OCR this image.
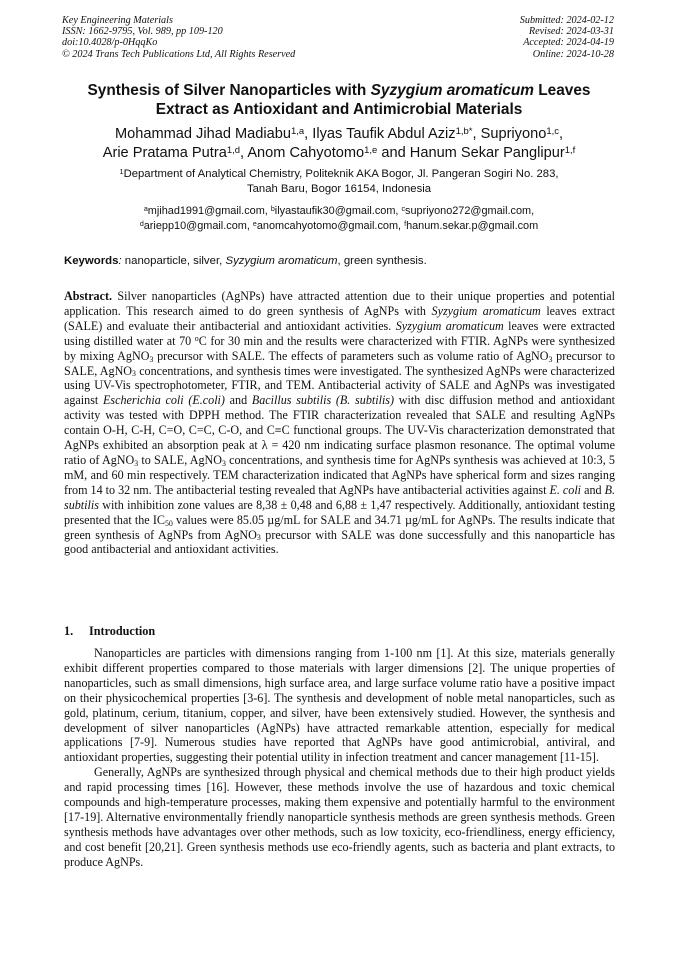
Key Engineering Materials
ISSN: 1662-9795, Vol. 989, pp 109-120
doi:10.4028/p-0HqqKo
© 2024 Trans Tech Publications Ltd, All Rights Reserved
Submitted: 2024-02-12
Revised: 2024-03-31
Accepted: 2024-04-19
Online: 2024-10-28
Synthesis of Silver Nanoparticles with Syzygium aromaticum Leaves
Extract as Antioxidant and Antimicrobial Materials
Mohammad Jihad Madiabu$^{1,a}$, Ilyas Taufik Abdul Aziz$^{1,b*}$, Supriyono$^{1,c}$,
Arie Pratama Putra$^{1,d}$, Anom Cahyotomo$^{1,e}$ and Hanum Sekar Panglipur$^{1,f}$
$^1$Department of Analytical Chemistry, Politeknik AKA Bogor, Jl. Pangeran Sogiri No. 283,
Tanah Baru, Bogor 16154, Indonesia
$^a$mjihad1991@gmail.com, $^b$ilyastaufik30@gmail.com, $^c$supriyono272@gmail.com,
$^d$ariepp10@gmail.com, $^e$anomcahyotomo@gmail.com, $^f$hanum.sekar.p@gmail.com
Keywords: nanoparticle, silver, Syzygium aromaticum, green synthesis.
Abstract. Silver nanoparticles (AgNPs) have attracted attention due to their unique properties and potential application. This research aimed to do green synthesis of AgNPs with Syzygium aromaticum leaves extract (SALE) and evaluate their antibacterial and antioxidant activities. Syzygium aromaticum leaves were extracted using distilled water at 70 $^o$C for 30 min and the results were characterized with FTIR. AgNPs were synthesized by mixing AgNO$_3$ precursor with SALE. The effects of parameters such as volume ratio of AgNO$_3$ precursor to SALE, AgNO$_3$ concentrations, and synthesis times were investigated. The synthesized AgNPs were characterized using UV-Vis spectrophotometer, FTIR, and TEM. Antibacterial activity of SALE and AgNPs was investigated against Escherichia coli (E.coli) and Bacillus subtilis (B. subtilis) with disc diffusion method and antioxidant activity was tested with DPPH method. The FTIR characterization revealed that SALE and resulting AgNPs contain O-H, C-H, C=O, C=C, C-O, and C≡C functional groups. The UV-Vis characterization demonstrated that AgNPs exhibited an absorption peak at λ = 420 nm indicating surface plasmon resonance. The optimal volume ratio of AgNO$_3$ to SALE, AgNO$_3$ concentrations, and synthesis time for AgNPs synthesis was achieved at 10:3, 5 mM, and 60 min respectively. TEM characterization indicated that AgNPs have spherical form and sizes ranging from 14 to 32 nm. The antibacterial testing revealed that AgNPs have antibacterial activities against E. coli and B. subtilis with inhibition zone values are 8,38 ± 0,48 and 6,88 ± 1,47 respectively. Additionally, antioxidant testing presented that the $IC_{50}$ values were 85.05 µg/mL for SALE and 34.71 µg/mL for AgNPs. The results indicate that green synthesis of AgNPs from AgNO$_3$ precursor with SALE was done successfully and this nanoparticle has good antibacterial and antioxidant activities.
1. Introduction

Nanoparticles are particles with dimensions ranging from 1-100 nm [1]. At this size, materials generally exhibit different properties compared to those materials with larger dimensions [2]. The unique properties of nanoparticles, such as small dimensions, high surface area, and large surface volume ratio have a positive impact on their physicochemical properties [3-6]. The synthesis and development of noble metal nanoparticles, such as gold, platinum, cerium, titanium, copper, and silver, have been extensively studied. However, the synthesis and development of silver nanoparticles (AgNPs) have attracted remarkable attention, especially for medical applications [7-9]. Numerous studies have reported that AgNPs have good antimicrobial, antiviral, and antioxidant properties, suggesting their potential utility in infection treatment and cancer management [11-15].

Generally, AgNPs are synthesized through physical and chemical methods due to their high product yields and rapid processing times [16]. However, these methods involve the use of hazardous and toxic chemical compounds and high-temperature processes, making them expensive and potentially harmful to the environment [17-19]. Alternative environmentally friendly nanoparticle synthesis methods are green synthesis methods. Green synthesis methods have advantages over other methods, such as low toxicity, eco-friendliness, energy efficiency, and cost benefit [20,21]. Green synthesis methods use eco-friendly agents, such as bacteria and plant extracts, to produce AgNPs.
